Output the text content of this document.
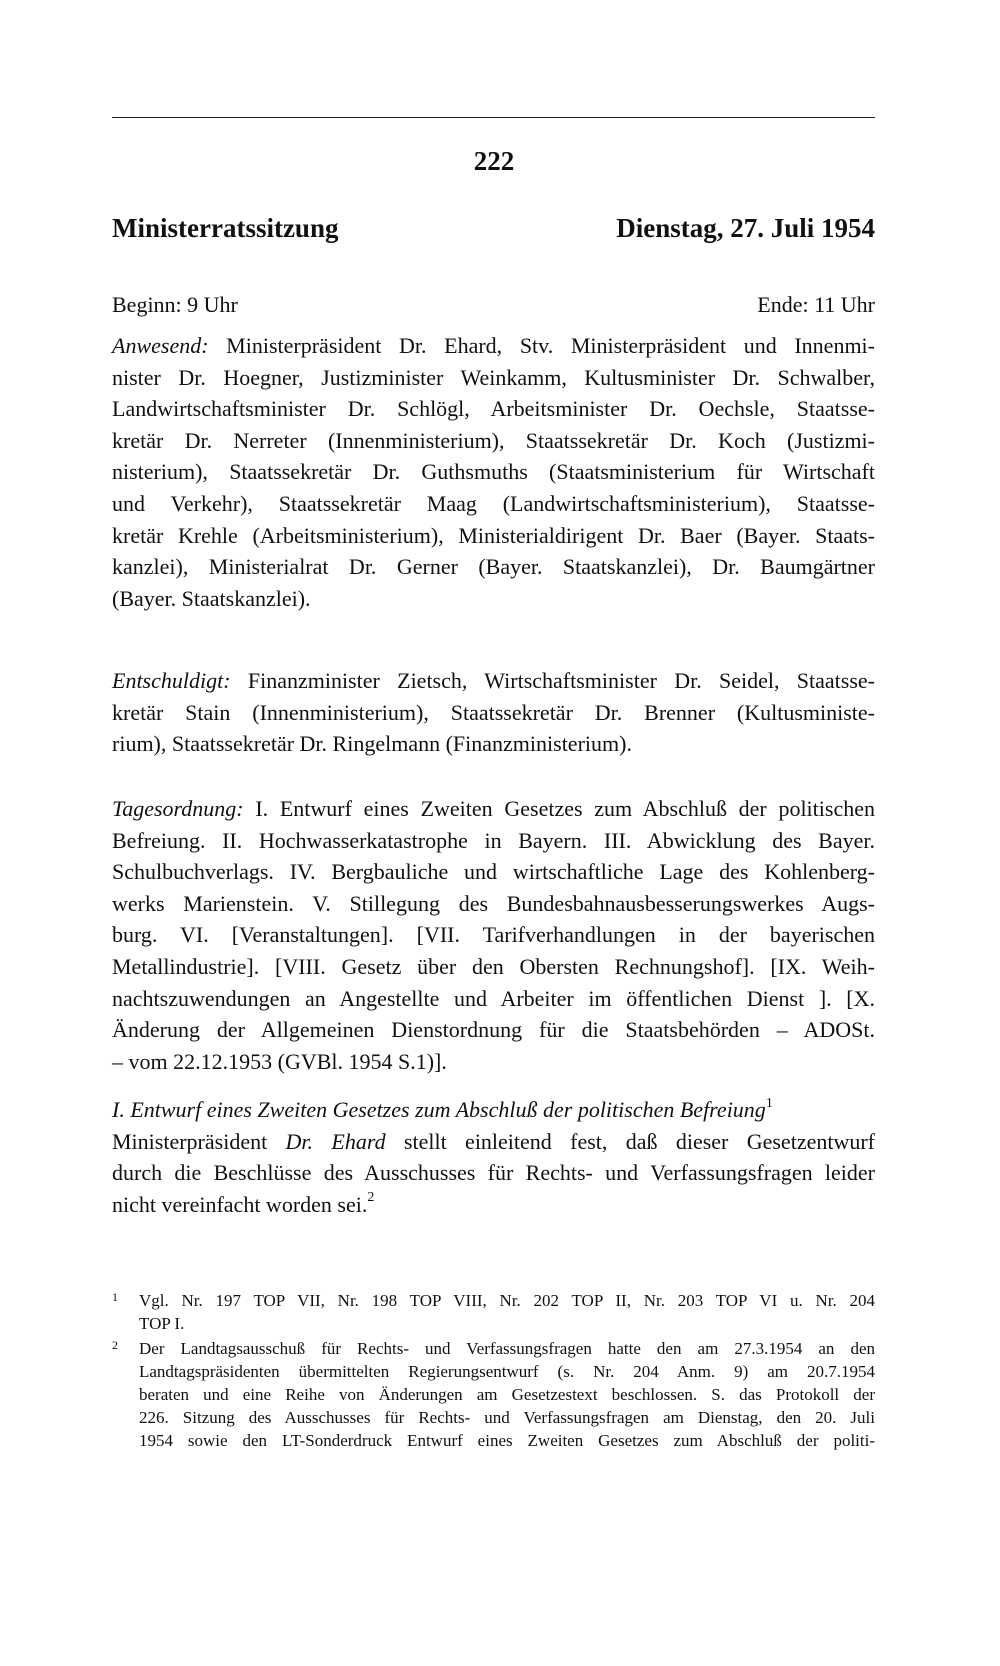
222
Ministerratssitzung	Dienstag, 27. Juli 1954
Beginn: 9 Uhr	Ende: 11 Uhr
Anwesend: Ministerpräsident Dr. Ehard, Stv. Ministerpräsident und Innenmi-
nister Dr. Hoegner, Justizminister Weinkamm, Kultusminister Dr. Schwalber,
Landwirtschaftsminister Dr. Schlögl, Arbeitsminister Dr. Oechsle, Staatsse-
kretär Dr. Nerreter (Innenministerium), Staatssekretär Dr. Koch (Justizmi-
nisterium), Staatssekretär Dr. Guthsmuths (Staatsministerium für Wirtschaft
und Verkehr), Staatssekretär Maag (Landwirtschaftsministerium), Staatsse-
kretär Krehle (Arbeitsministerium), Ministerialdirigent Dr. Baer (Bayer. Staats-
kanzlei), Ministerialrat Dr. Gerner (Bayer. Staatskanzlei), Dr. Baumgärtner
(Bayer. Staatskanzlei).
Entschuldigt: Finanzminister Zietsch, Wirtschaftsminister Dr. Seidel, Staatsse-
kretär Stain (Innenministerium), Staatssekretär Dr. Brenner (Kultusministe-
rium), Staatssekretär Dr. Ringelmann (Finanzministerium).
Tagesordnung: I. Entwurf eines Zweiten Gesetzes zum Abschluß der politischen
Befreiung. II. Hochwasserkatastrophe in Bayern. III. Abwicklung des Bayer.
Schulbuchverlags. IV. Bergbauliche und wirtschaftliche Lage des Kohlenberg-
werks Marienstein. V. Stillegung des Bundesbahnausbesserungswerkes Augs-
burg. VI. [Veranstaltungen]. [VII. Tarifverhandlungen in der bayerischen
Metallindustrie]. [VIII. Gesetz über den Obersten Rechnungshof]. [IX. Weih-
nachtszuwendungen an Angestellte und Arbeiter im öffentlichen Dienst ]. [X.
Änderung der Allgemeinen Dienstordnung für die Staatsbehörden – ADOSt.
– vom 22.12.1953 (GVBl. 1954 S.1)].
I. Entwurf eines Zweiten Gesetzes zum Abschluß der politischen Befreiung$^1$
Ministerpräsident Dr. Ehard stellt einleitend fest, daß dieser Gesetzentwurf
durch die Beschlüsse des Ausschusses für Rechts- und Verfassungsfragen leider
nicht vereinfacht worden sei.$^2$
1 Vgl. Nr. 197 TOP VII, Nr. 198 TOP VIII, Nr. 202 TOP II, Nr. 203 TOP VI u. Nr. 204
TOP I.
2 Der Landtagsausschuß für Rechts- und Verfassungsfragen hatte den am 27.3.1954 an den
Landtagspräsidenten übermittelten Regierungsentwurf (s. Nr. 204 Anm. 9) am 20.7.1954
beraten und eine Reihe von Änderungen am Gesetzestext beschlossen. S. das Protokoll der
226. Sitzung des Ausschusses für Rechts- und Verfassungsfragen am Dienstag, den 20. Juli
1954 sowie den LT-Sonderdruck Entwurf eines Zweiten Gesetzes zum Abschluß der politi-
